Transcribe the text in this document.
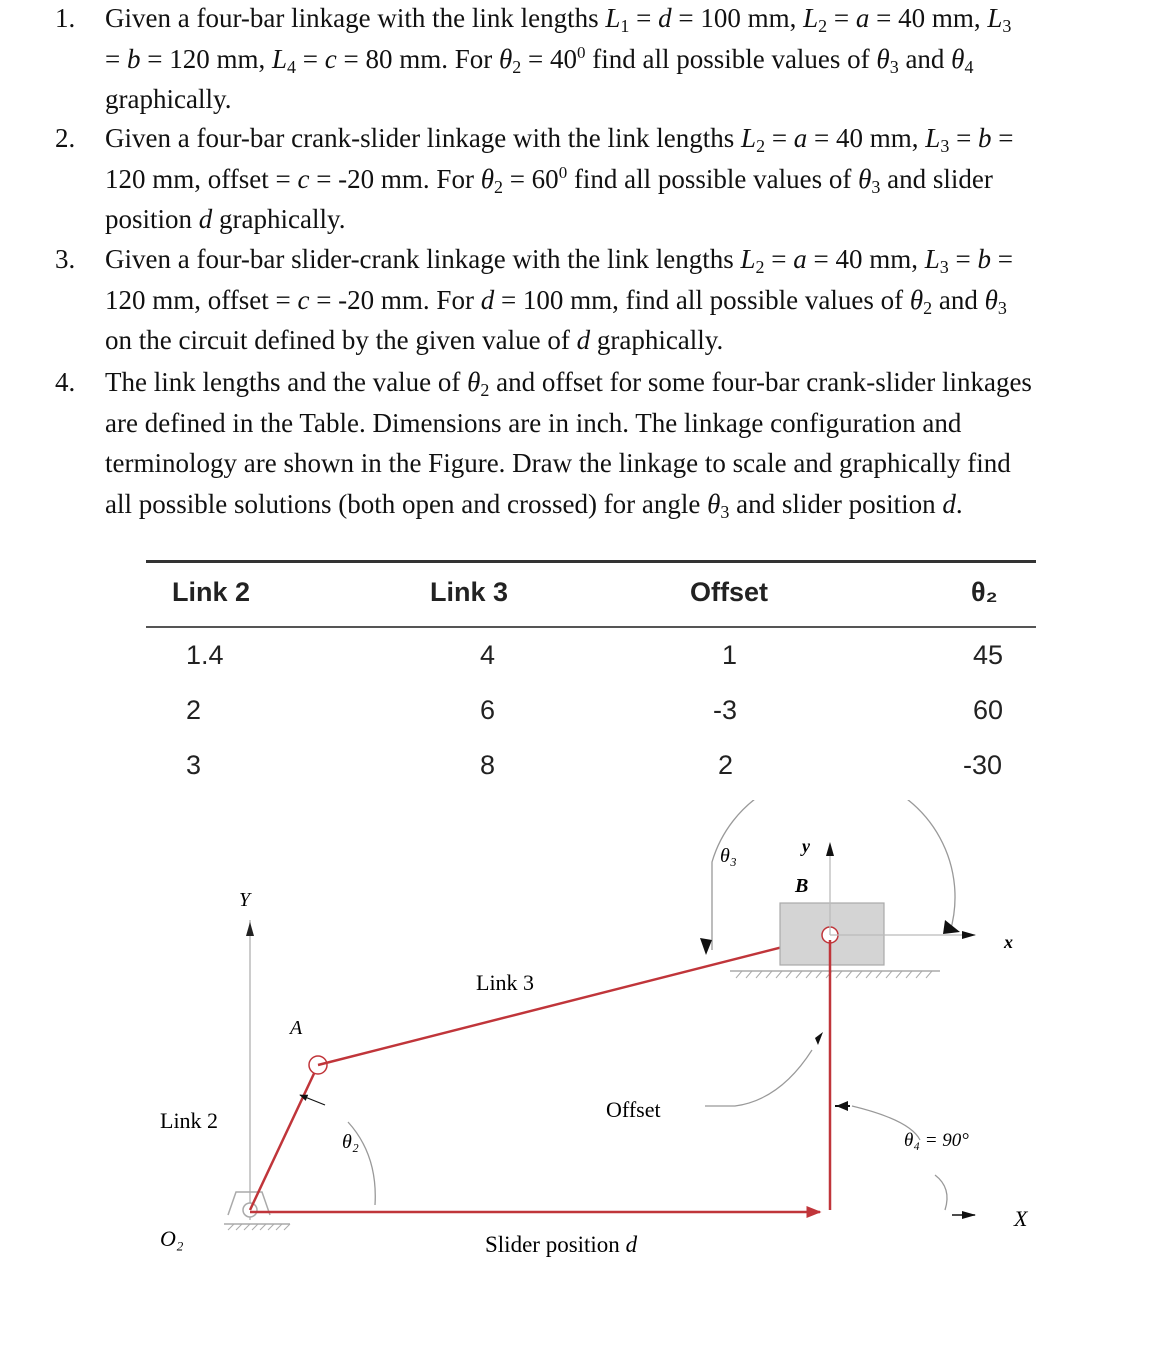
1. Given a four-bar linkage with the link lengths $L_1 = d = 100$ mm, $L_2 = a = 40$ mm, $L_3$
= b = 120 mm, $L_4 = c = 80$ mm. For $\theta_2 = 40^0$ find all possible values of $\theta_3$ and $\theta_4$
graphically.
2. Given a four-bar crank-slider linkage with the link lengths $L_2 = a = 40$ mm, $L_3 = b$ =
120 mm, offset = c = -20 mm. For $\theta_2 = 60^0$ find all possible values of $\theta_3$ and slider
position d graphically.
3. Given a four-bar slider-crank linkage with the link lengths $L_2 = a = 40$ mm, $L_3 = b$ =
120 mm, offset = c = -20 mm. For d = 100 mm, find all possible values of $\theta_2$ and $\theta_3$
on the circuit defined by the given value of d graphically.
4. The link lengths and the value of $\theta_2$ and offset for some four-bar crank-slider linkages
are defined in the Table. Dimensions are in inch. The linkage configuration and
terminology are shown in the Figure. Draw the linkage to scale and graphically find
all possible solutions (both open and crossed) for angle $\theta_3$ and slider position d.
Link 2	Link 3	Offset	θ₂
1.4	4	1	45
2	6	-3	60
3	8	2	-30
Y
O₂
A
Link 2
θ₂
Link 3
B
y
x
θ₃
Offset
θ₄ = 90°
X
Slider position d
